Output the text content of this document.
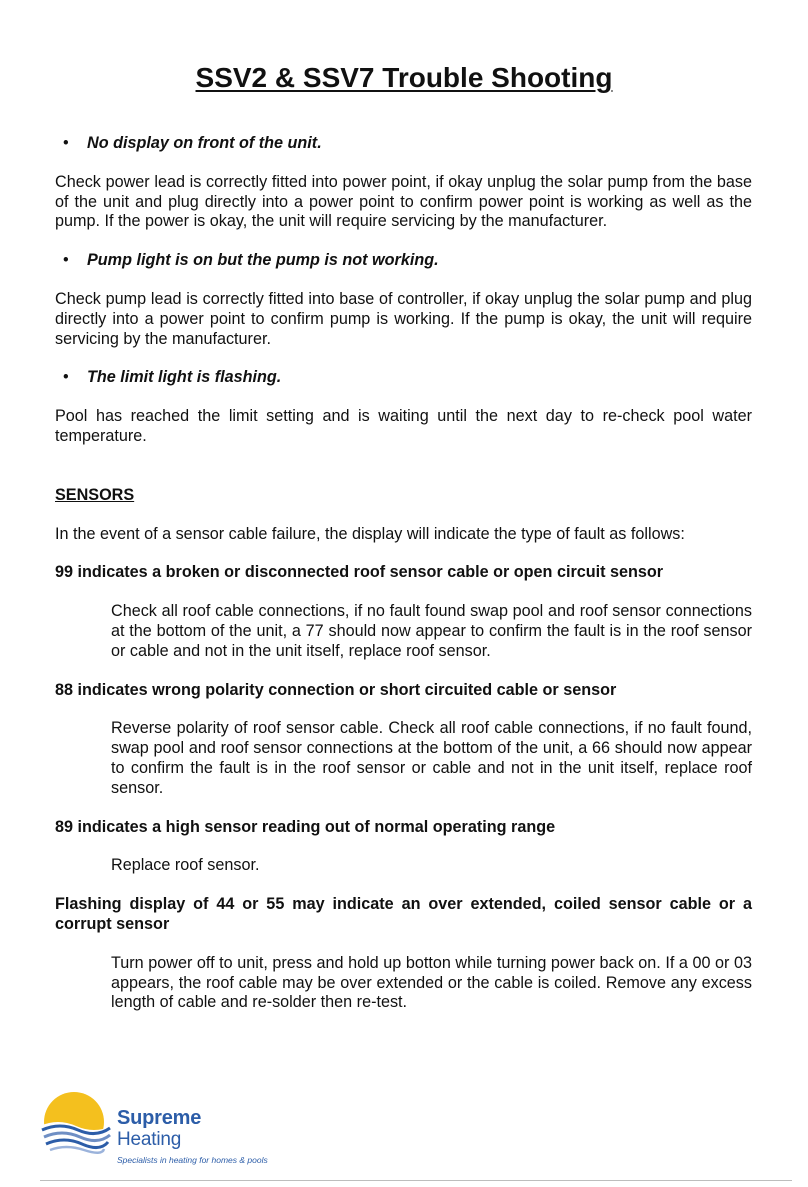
SSV2 & SSV7 Trouble Shooting
•	No display on front of the unit.

Check power lead is correctly fitted into power point, if okay unplug the solar pump from the base of the unit and plug directly into a power point to confirm power point is working as well as the pump. If the power is okay, the unit will require servicing by the manufacturer.

•	Pump light is on but the pump is not working.

Check pump lead is correctly fitted into base of controller, if okay unplug the solar pump and plug directly into a power point to confirm pump is working. If the pump is okay, the unit will require servicing by the manufacturer.

•	The limit light is flashing.

Pool has reached the limit setting and is waiting until the next day to re-check pool water temperature.

SENSORS

In the event of a sensor cable failure, the display will indicate the type of fault as follows:

99 indicates a broken or disconnected roof sensor cable or open circuit sensor

Check all roof cable connections, if no fault found swap pool and roof sensor connections at the bottom of the unit, a 77 should now appear to confirm the fault is in the roof sensor or cable and not in the unit itself, replace roof sensor.

88 indicates wrong polarity connection or short circuited cable or sensor

Reverse polarity of roof sensor cable. Check all roof cable connections, if no fault found, swap pool and roof sensor connections at the bottom of the unit, a 66 should now appear to confirm the fault is in the roof sensor or cable and not in the unit itself, replace roof sensor.

89 indicates a high sensor reading out of normal operating range

Replace roof sensor.

Flashing display of 44 or 55 may indicate an over extended, coiled sensor cable or a corrupt sensor

Turn power off to unit, press and hold up botton while turning power back on. If a 00 or 03 appears, the roof cable may be over extended or the cable is coiled. Remove any excess length of cable and re-solder then re-test.

Supreme
Heating
Specialists in heating for homes & pools
